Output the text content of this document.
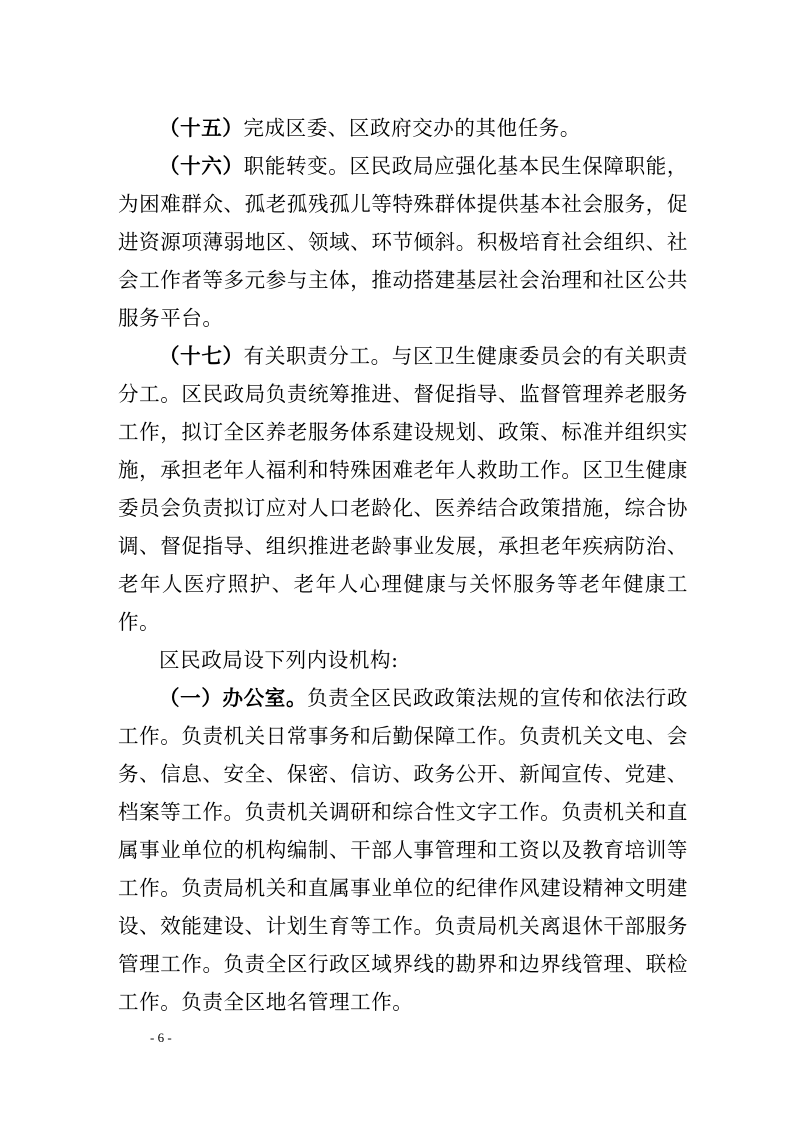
（十五）完成区委、区政府交办的其他任务。

（十六）职能转变。区民政局应强化基本民生保障职能，为困难群众、孤老孤残孤儿等特殊群体提供基本社会服务，促进资源项薄弱地区、领域、环节倾斜。积极培育社会组织、社会工作者等多元参与主体，推动搭建基层社会治理和社区公共服务平台。

（十七）有关职责分工。与区卫生健康委员会的有关职责分工。区民政局负责统筹推进、督促指导、监督管理养老服务工作，拟订全区养老服务体系建设规划、政策、标准并组织实施，承担老年人福利和特殊困难老年人救助工作。区卫生健康委员会负责拟订应对人口老龄化、医养结合政策措施，综合协调、督促指导、组织推进老龄事业发展，承担老年疾病防治、老年人医疗照护、老年人心理健康与关怀服务等老年健康工作。

区民政局设下列内设机构:

（一）办公室。负责全区民政政策法规的宣传和依法行政工作。负责机关日常事务和后勤保障工作。负责机关文电、会务、信息、安全、保密、信访、政务公开、新闻宣传、党建、档案等工作。负责机关调研和综合性文字工作。负责机关和直属事业单位的机构编制、干部人事管理和工资以及教育培训等工作。负责局机关和直属事业单位的纪律作风建设精神文明建设、效能建设、计划生育等工作。负责局机关离退休干部服务管理工作。负责全区行政区域界线的勘界和边界线管理、联检工作。负责全区地名管理工作。

- 6 -
